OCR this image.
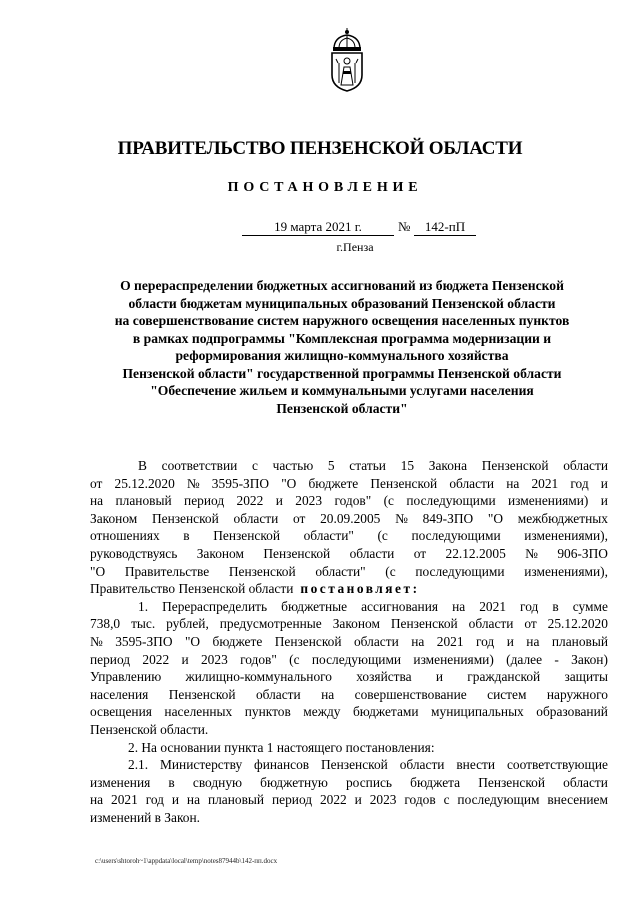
ПРАВИТЕЛЬСТВО ПЕНЗЕНСКОЙ ОБЛАСТИ
ПОСТАНОВЛЕНИЕ
19 марта 2021 г.	№	142-пП
г.Пенза
О перераспределении бюджетных ассигнований из бюджета Пензенской
области бюджетам муниципальных образований Пензенской области
на совершенствование систем наружного освещения населенных пунктов
в рамках подпрограммы "Комплексная программа модернизации и
реформирования жилищно-коммунального хозяйства
Пензенской области" государственной программы Пензенской области
"Обеспечение жильем и коммунальными услугами населения
Пензенской области"
В соответствии с частью 5 статьи 15 Закона Пензенской области
от 25.12.2020 № 3595-ЗПО "О бюджете Пензенской области на 2021 год и
на плановый период 2022 и 2023 годов" (с последующими изменениями) и
Законом Пензенской области от 20.09.2005 № 849-ЗПО "О межбюджетных
отношениях в Пензенской области" (с последующими изменениями),
руководствуясь Законом Пензенской области от 22.12.2005 № 906-ЗПО
"О Правительстве Пензенской области" (с последующими изменениями),
Правительство Пензенской области постановляет:
1. Перераспределить бюджетные ассигнования на 2021 год в сумме
738,0 тыс. рублей, предусмотренные Законом Пензенской области от 25.12.2020
№ 3595-ЗПО "О бюджете Пензенской области на 2021 год и на плановый
период 2022 и 2023 годов" (с последующими изменениями) (далее - Закон)
Управлению жилищно-коммунального хозяйства и гражданской защиты
населения Пензенской области на совершенствование систем наружного
освещения населенных пунктов между бюджетами муниципальных образований
Пензенской области.
2. На основании пункта 1 настоящего постановления:
2.1. Министерству финансов Пензенской области внести соответствующие
изменения в сводную бюджетную роспись бюджета Пензенской области
на 2021 год и на плановый период 2022 и 2023 годов с последующим внесением
изменений в Закон.
c:\users\shtoroh~1\appdata\local\temp\notes87944b\142-пп.docx
